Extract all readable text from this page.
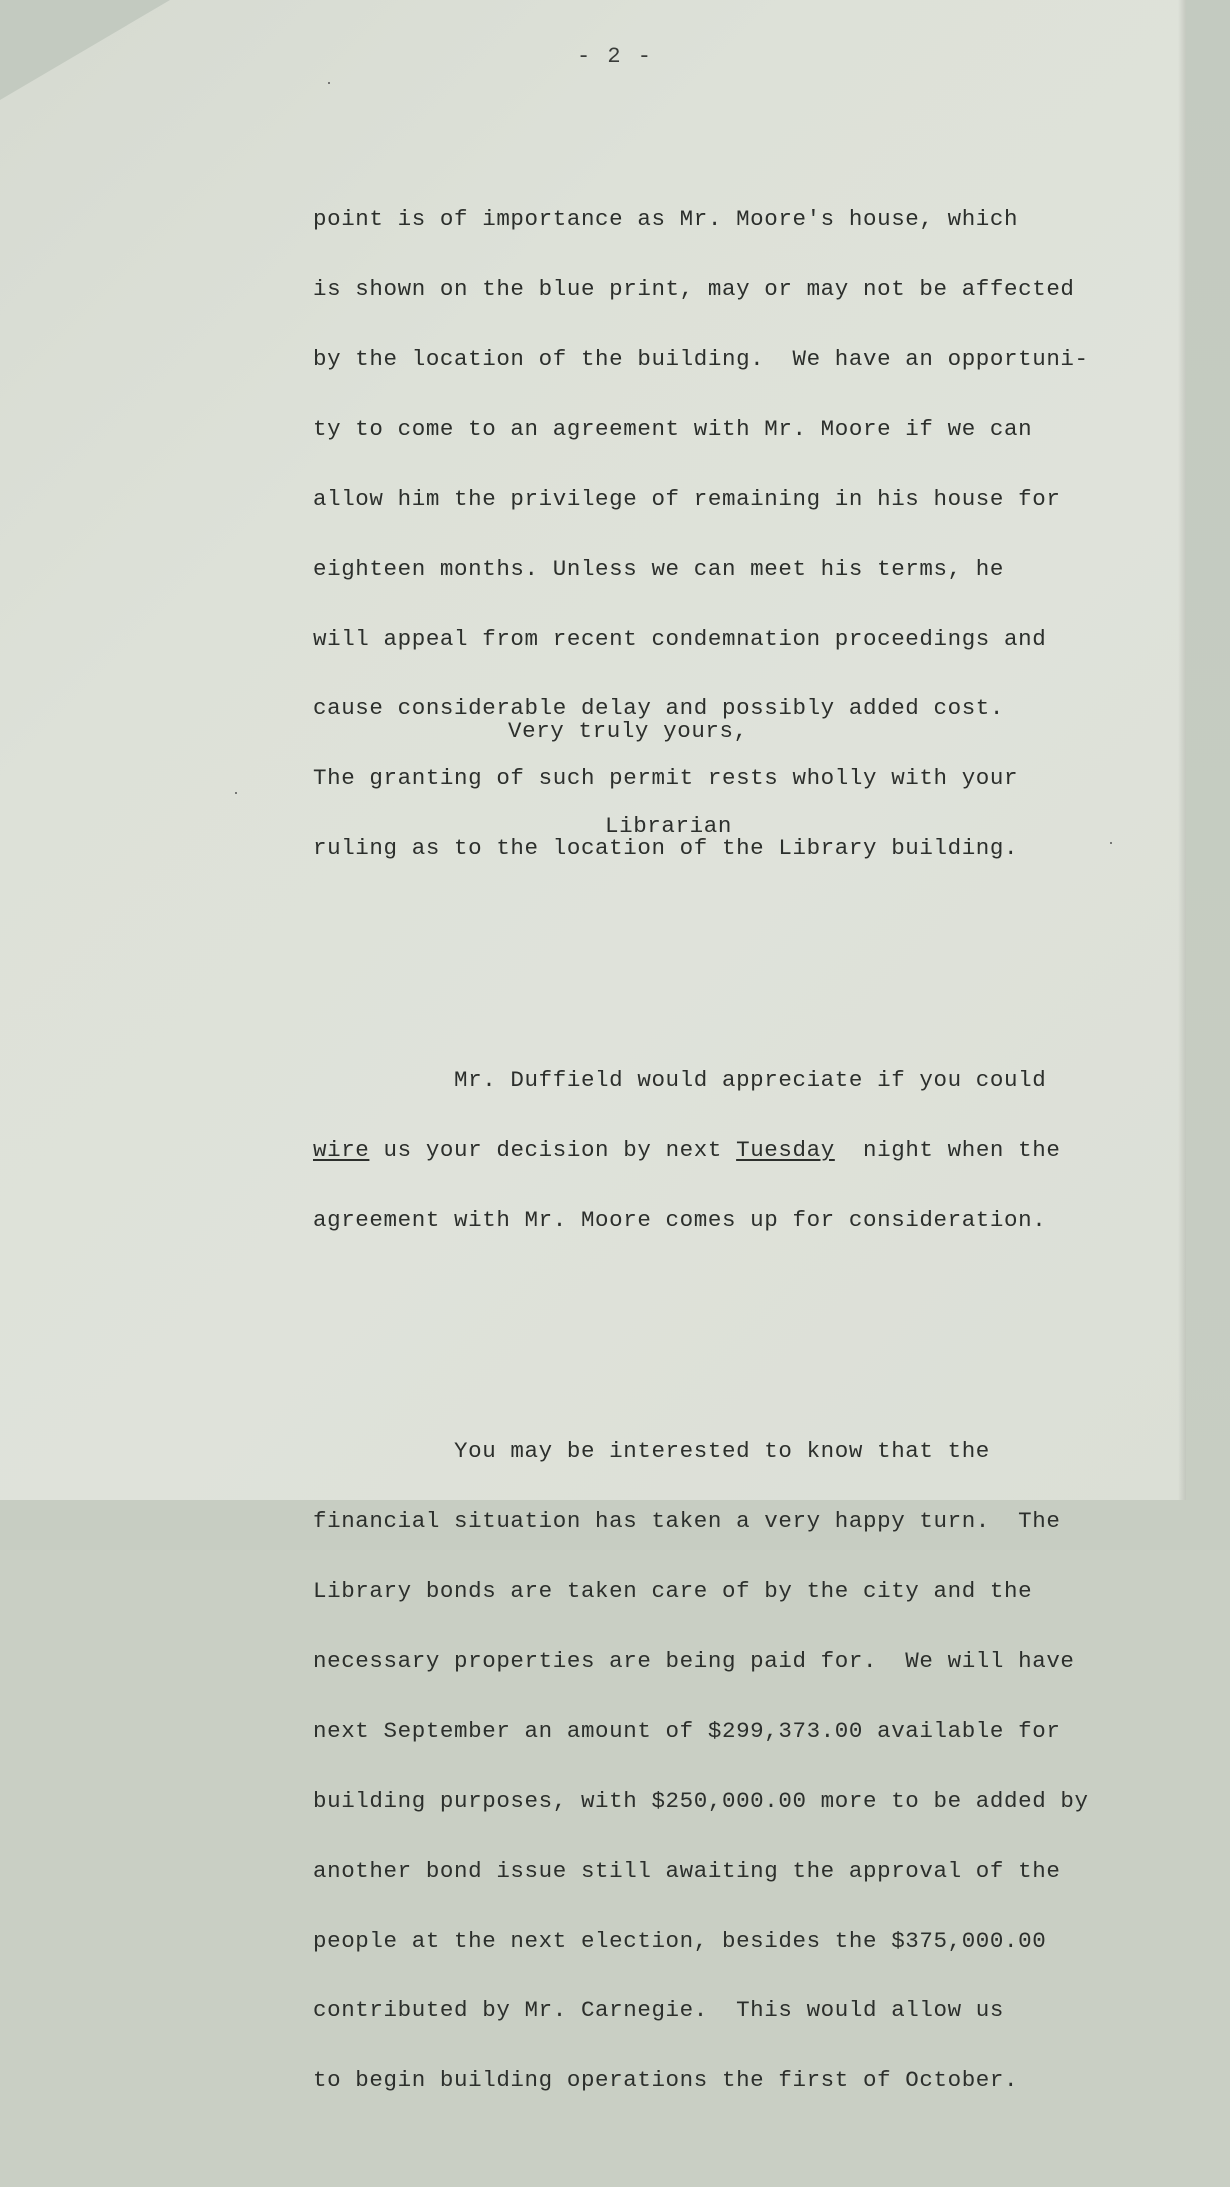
- 2 -

point is of importance as Mr. Moore's house, which

is shown on the blue print, may or may not be affected

by the location of the building.  We have an opportuni-

ty to come to an agreement with Mr. Moore if we can

allow him the privilege of remaining in his house for

eighteen months. Unless we can meet his terms, he

will appeal from recent condemnation proceedings and

cause considerable delay and possibly added cost.

The granting of such permit rests wholly with your

ruling as to the location of the Library building.

Mr. Duffield would appreciate if you could

wire us your decision by next Tuesday  night when the

agreement with Mr. Moore comes up for consideration.

You may be interested to know that the

financial situation has taken a very happy turn.  The

Library bonds are taken care of by the city and the

necessary properties are being paid for.  We will have

next September an amount of $299,373.00 available for

building purposes, with $250,000.00 more to be added by

another bond issue still awaiting the approval of the

people at the next election, besides the $375,000.00

contributed by Mr. Carnegie.  This would allow us

to begin building operations the first of October.

Very truly yours,
Librarian
